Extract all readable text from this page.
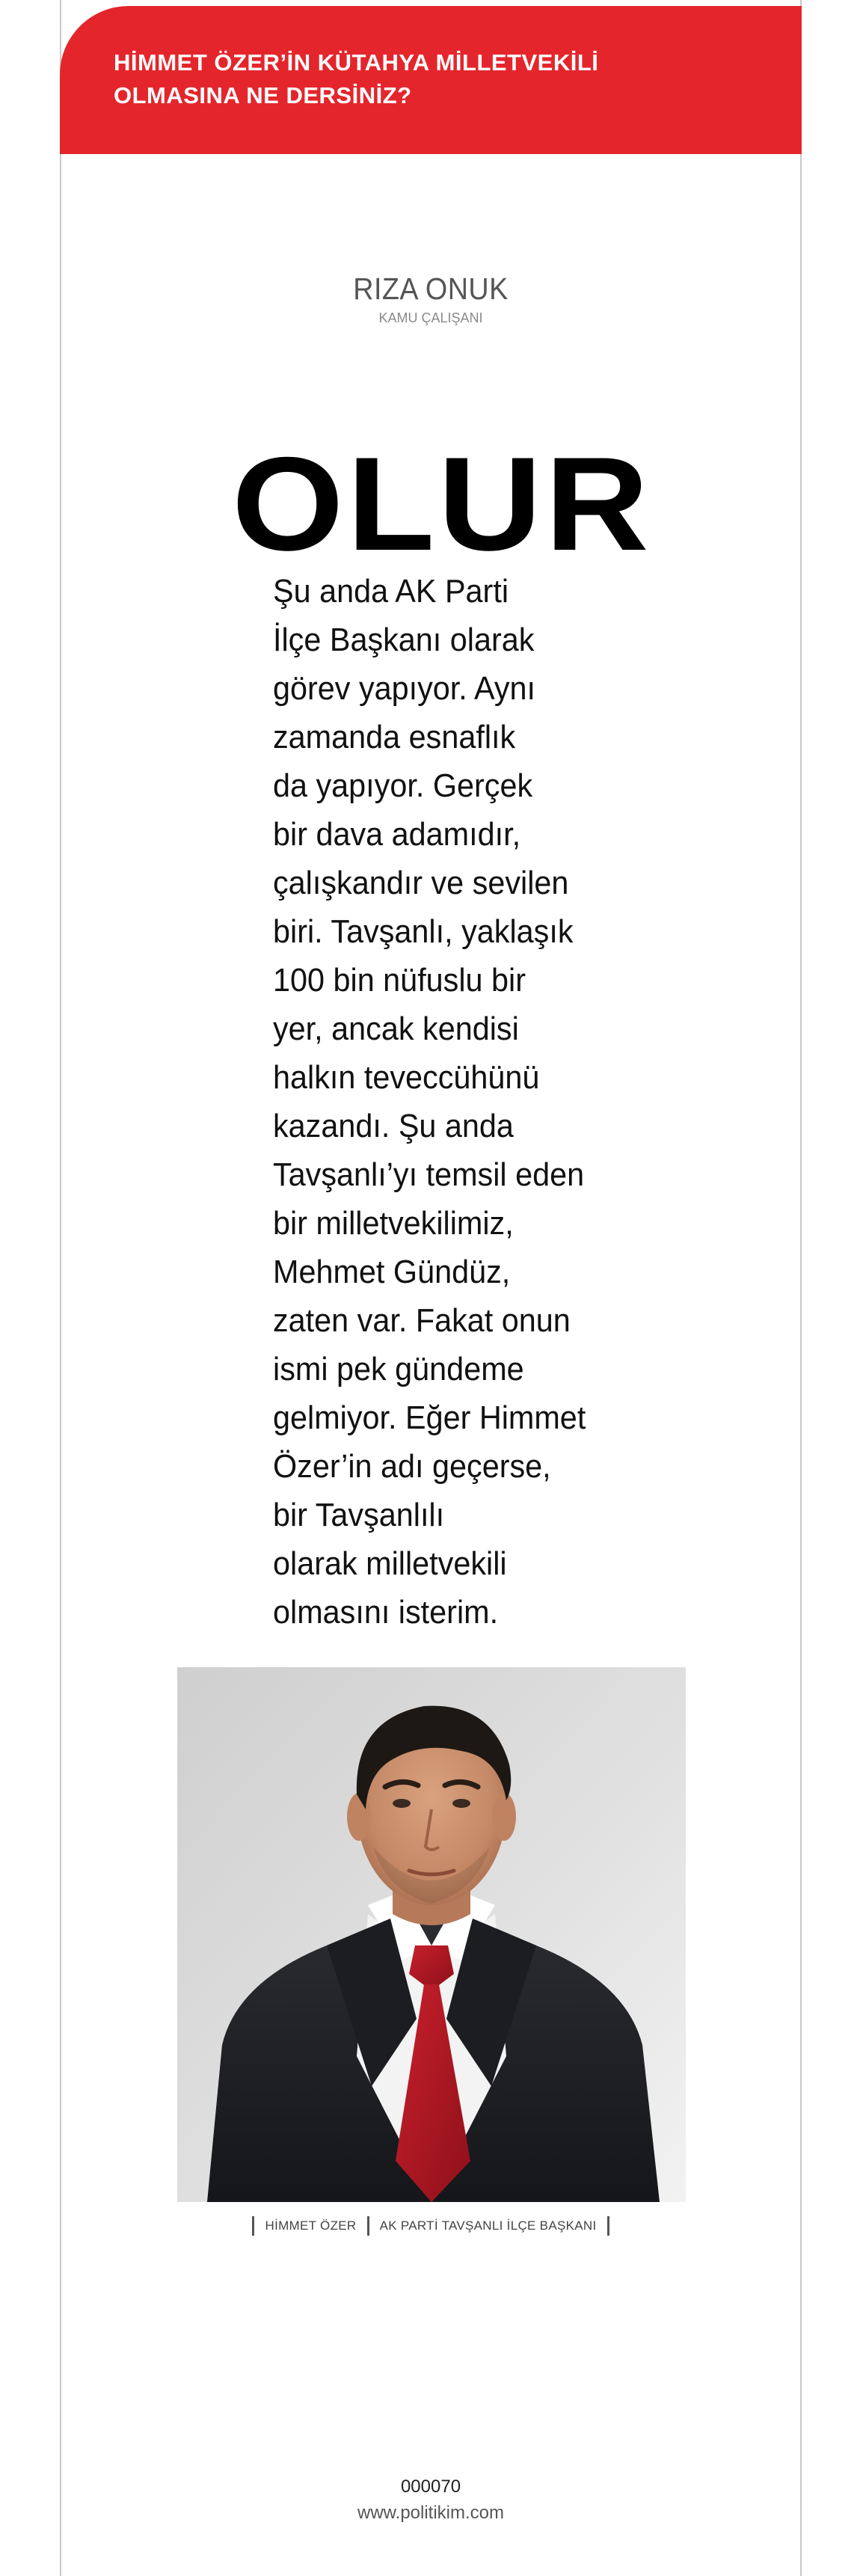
HİMMET ÖZER’İN KÜTAHYA MİLLETVEKİLİ
OLMASINA NE DERSİNİZ?
RIZA ONUK
KAMU ÇALIŞANI
OLUR

Şu anda AK Parti
İlçe Başkanı olarak
görev yapıyor. Aynı
zamanda esnaflık
da yapıyor. Gerçek
bir dava adamıdır,
çalışkandır ve sevilen
biri. Tavşanlı, yaklaşık
100 bin nüfuslu bir
yer, ancak kendisi
halkın teveccühünü
kazandı. Şu anda
Tavşanlı’yı temsil eden
bir milletvekilimiz,
Mehmet Gündüz,
zaten var. Fakat onun
ismi pek gündeme
gelmiyor. Eğer Himmet
Özer’in adı geçerse,
bir Tavşanlılı
olarak milletvekili
olmasını isterim.

HİMMET ÖZER AK PARTİ TAVŞANLI İLÇE BAŞKANI
000070
www.politikim.com
